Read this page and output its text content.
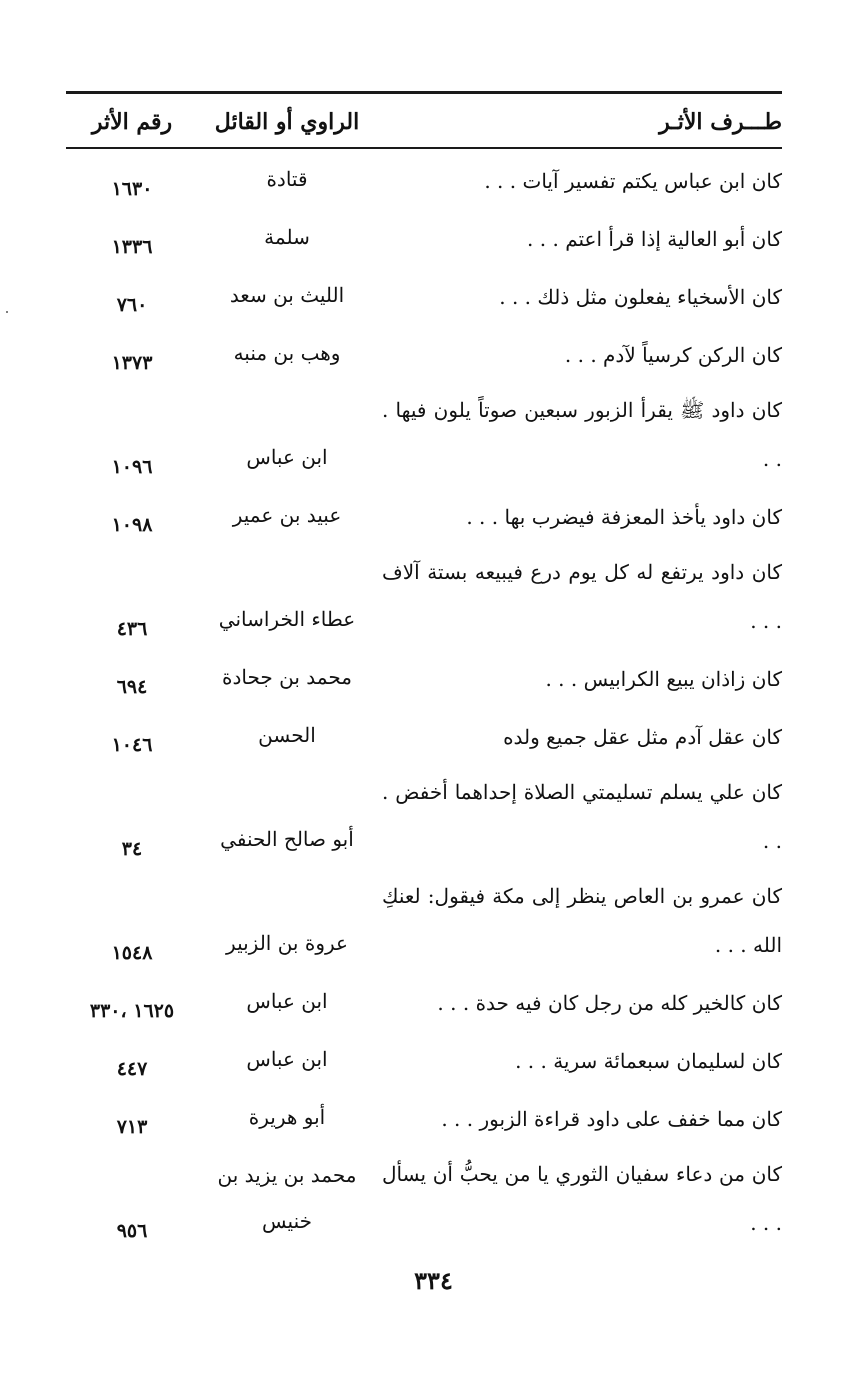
طـــرف الأثـر
الراوي أو القائل
رقم الأثر
كان ابن عباس يكتم تفسير آيات . . .
قتادة
١٦٣٠
كان أبو العالية إذا قرأ اعتم . . .
سلمة
١٣٣٦
كان الأسخياء يفعلون مثل ذلك . . .
الليث بن سعد
٧٦٠
كان الركن كرسياً لآدم . . .
وهب بن منبه
١٣٧٣
كان داود ﷺ يقرأ الزبور سبعين صوتاً يلون فيها . . .
ابن عباس
١٠٩٦
كان داود يأخذ المعزفة فيضرب بها . . .
عبيد بن عمير
١٠٩٨
كان داود يرتفع له كل يوم درع فيبيعه بستة آلاف . . .
عطاء الخراساني
٤٣٦
كان زاذان يبيع الكرابيس . . .
محمد بن جحادة
٦٩٤
كان عقل آدم مثل عقل جميع ولده
الحسن
١٠٤٦
كان علي يسلم تسليمتي الصلاة إحداهما أخفض . . .
أبو صالح الحنفي
٣٤
كان عمرو بن العاص ينظر إلى مكة فيقول: لعنكِ الله . . .
عروة بن الزبير
١٥٤٨
كان كالخير كله من رجل كان فيه حدة . . .
ابن عباس
١٦٢٥ ،٣٣٠
كان لسليمان سبعمائة سرية . . .
ابن عباس
٤٤٧
كان مما خفف على داود قراءة الزبور . . .
أبو هريرة
٧١٣
كان من دعاء سفيان الثوري يا من يحبُّ أن يسأل . . .
محمد بن يزيد بن خنيس
٩٥٦
٣٣٤
